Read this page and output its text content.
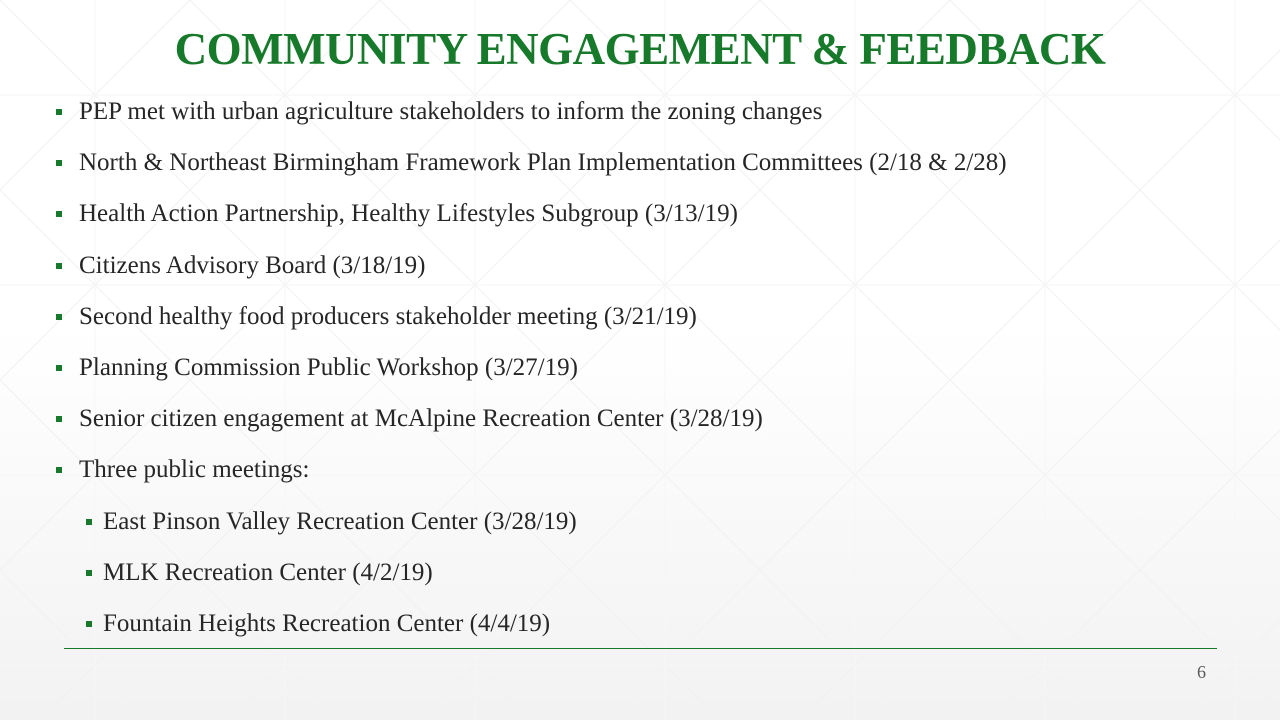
COMMUNITY ENGAGEMENT & FEEDBACK
PEP met with urban agriculture stakeholders to inform the zoning changes
North & Northeast Birmingham Framework Plan Implementation Committees (2/18 & 2/28)
Health Action Partnership, Healthy Lifestyles Subgroup (3/13/19)
Citizens Advisory Board (3/18/19)
Second healthy food producers stakeholder meeting (3/21/19)
Planning Commission Public Workshop (3/27/19)
Senior citizen engagement at McAlpine Recreation Center (3/28/19)
Three public meetings:
East Pinson Valley Recreation Center (3/28/19)
MLK Recreation Center (4/2/19)
Fountain Heights Recreation Center (4/4/19)
6
